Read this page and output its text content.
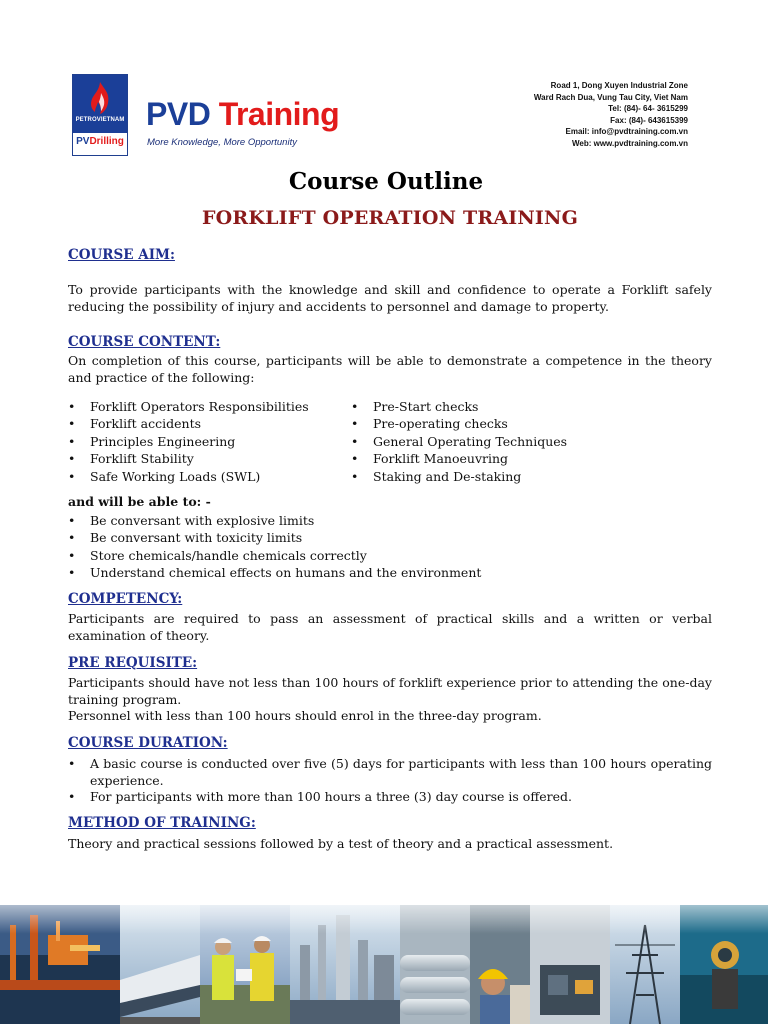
PETROVIETNAM
PVDrilling
PVD Training
More Knowledge, More Opportunity
Road 1, Dong Xuyen Industrial Zone
Ward Rach Dua, Vung Tau City, Viet Nam
Tel: (84)- 64- 3615299
Fax: (84)- 643615399
Email: info@pvdtraining.com.vn
Web: www.pvdtraining.com.vn
Course Outline
FORKLIFT OPERATION TRAINING
COURSE AIM:
To provide participants with the knowledge and skill and confidence to operate a Forklift safely reducing the possibility of injury and accidents to personnel and damage to property.
COURSE CONTENT:
On completion of this course, participants will be able to demonstrate a competence in the theory and practice of the following:
• Forklift Operators Responsibilities
• Forklift accidents
• Principles Engineering
• Forklift Stability
• Safe Working Loads (SWL)
• Pre-Start checks
• Pre-operating checks
• General Operating Techniques
• Forklift Manoeuvring
• Staking and De-staking
and will be able to: -
• Be conversant with explosive limits
• Be conversant with toxicity limits
• Store chemicals/handle chemicals correctly
• Understand chemical effects on humans and the environment
COMPETENCY:
Participants are required to pass an assessment of practical skills and a written or verbal examination of theory.
PRE REQUISITE:
Participants should have not less than 100 hours of forklift experience prior to attending the one-day training program.
Personnel with less than 100 hours should enrol in the three-day program.
COURSE DURATION:
• A basic course is conducted over five (5) days for participants with less than 100 hours operating experience.
• For participants with more than 100 hours a three (3) day course is offered.
METHOD OF TRAINING:
Theory and practical sessions followed by a test of theory and a practical assessment.
